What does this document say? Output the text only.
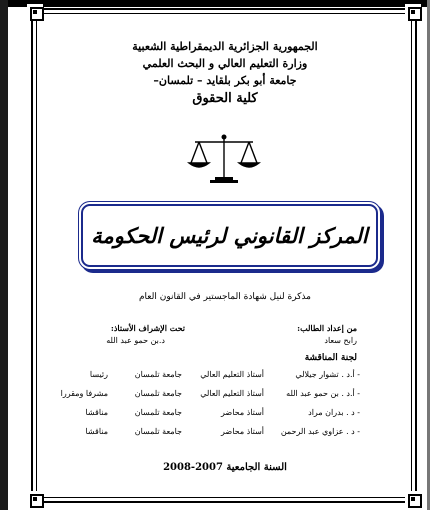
الجمهورية الجزائرية الديمقراطية الشعبية
وزارة التعليم العالي و البحث العلمي
جامعة أبو بكر بلقايد – تلمسان–
كلية الحقوق
المركز القانوني لرئيس الحكومة
مذكرة لنيل شهادة الماجستير في القانون العام
من إعداد الطالب:
رابح سعاد
تحت الإشراف الأستاذ:
د.بن حمو عبد الله
لجنة المناقشة
- أ.د . تشوار جيلالي
أستاذ التعليم العالي
جامعة تلمسان
رئيسا
- أ.د . بن حمو عبد الله
أستاذ التعليم العالي
جامعة تلمسان
مشرفا ومقررا
- د . بدران مراد
أستاذ محاضر
جامعة تلمسان
مناقشا
- د . عزاوي عبد الرحمن
أستاذ محاضر
جامعة تلمسان
مناقشا
السنة الجامعية 2007-2008
